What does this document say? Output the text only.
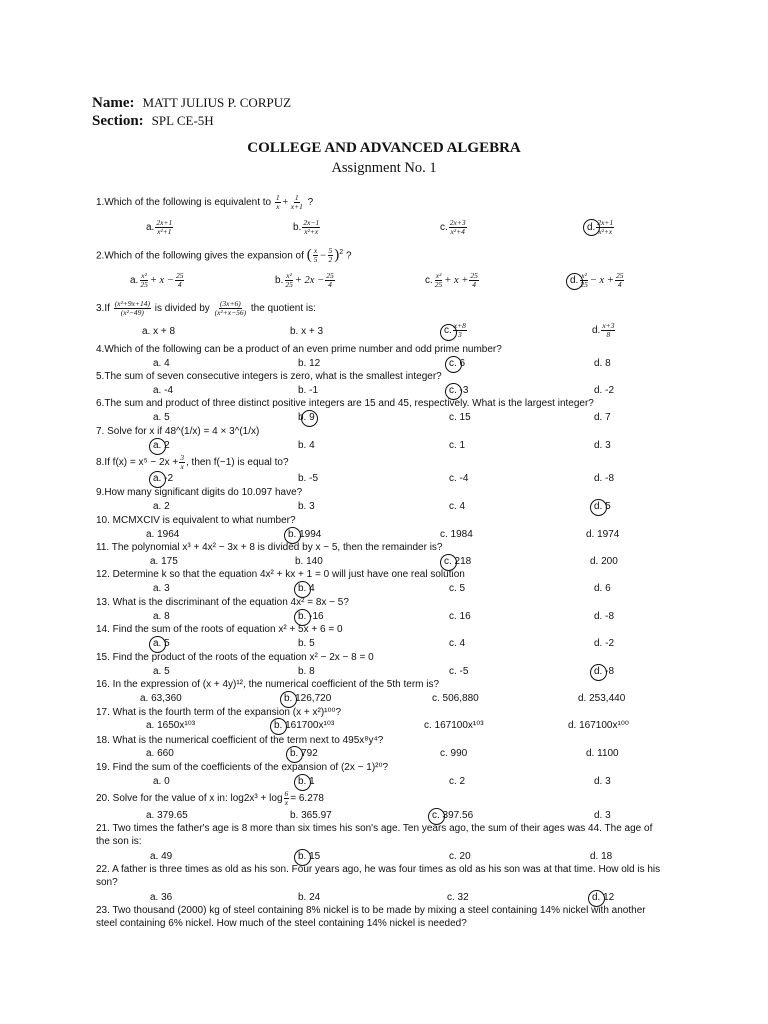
Name: MATT JULIUS P. CORPUZ
Section: SPL CE-5H
COLLEGE AND ADVANCED ALGEBRA
Assignment No. 1
1.Which of the following is equivalent to $\frac{1}{x} + \frac{1}{x+1}$ ?
a. $\frac{2x+1}{\text{x²+1}}$	b. $\frac{2x-1}{\text{x²+x}}$	c. $\frac{2x+3}{\text{x²+4}}$	d. $\frac{2x+1}{\text{x²+x}}$
2.Which of the following gives the expansion of ( $\frac{x}{5} - \frac{5}{2} )^2$ ?
a. $\frac{\text{x²}}{25} + x - \frac{25}{4}$	b. $\frac{\text{x²}}{25} + 2x - \frac{25}{4}$	c. $\frac{\text{x²}}{25} + x + \frac{25}{4}$	d. $\frac{\text{x²}}{25} - x + \frac{25}{4}$
$3.If \frac{\text{(x²+9x+14)}}{\text{(x²−49)}}$ is divided by $\frac{(3x+6)}{\text{(x²+x−56)}}$ the quotient is:
a. x + 8	b. x + 3	c. $\frac{x+8}{3}$	d. $\frac{x+3}{8}$
4.Which of the following can be a product of an even prime number and odd prime number?
a. 4	b. 12	c. 6	d. 8
5.The sum of seven consecutive integers is zero, what is the smallest integer?
a. -4	b. -1	c. -3	d. -2
6.The sum and product of three distinct positive integers are 15 and 45, respectively. What is the largest integer?
a. 5	b. 9	c. 15	d. 7
7. Solve for x if 48^(1/x) = 4 × 3^(1/x)
a. 2	b. 4	c. 1	d. 3
8.If $f(x) = x^5 - 2x + \frac{3}{x}$ , then f(−1) is equal to?
a. -2	b. -5	c. -4	d. -8
9.How many significant digits do 10.097 have?
a. 2	b. 3	c. 4	d. 5
10. MCMXCIV is equivalent to what number?
a. 1964	b. 1994	c. 1984	d. 1974
11. The polynomial x³ + 4x² − 3x + 8 is divided by x − 5, then the remainder is?
a. 175	b. 140	c. 218	d. 200
12. Determine k so that the equation 4x² + kx + 1 = 0 will just have one real solution
a. 3	b. 4	c. 5	d. 6
13. What is the discriminant of the equation 4x² = 8x − 5?
a. 8	b. -16	c. 16	d. -8
14. Find the sum of the roots of equation x² + 5x + 6 = 0
a. 5	b. 5	c. 4	d. -2
15. Find the product of the roots of the equation x² − 2x − 8 = 0
a. 5	b. 8	c. -5	d. -8
16. In the expression of (x + 4y)¹², the numerical coefficient of the 5th term is?
a. 63,360	b. 126,720	c. 506,880	d. 253,440
17. What is the fourth term of the expansion (x + x²)¹⁰⁰?
a. 1650x¹⁰³	b. 161700x¹⁰³	c. 167100x¹⁰³	d. 167100x¹⁰⁰
18. What is the numerical coefficient of the term next to 495x⁸y⁴?
a. 660	b. 792	c. 990	d. 1100
19. Find the sum of the coefficients of the expansion of (2x − 1)²⁰?
a. 0	b. 1	c. 2	d. 3
20. Solve for the value of x in: $\log 2x^3 + \log \frac{6}{x} = 6.278$
a. 379.65	b. 365.97	c. 397.56	d. 3
21. Two times the father's age is 8 more than six times his son's age. Ten years ago, the sum of their ages was 44. The age of the son is:
a. 49	b. 15	c. 20	d. 18
22. A father is three times as old as his son. Four years ago, he was four times as old as his son was at that time. How old is his son?
a. 36	b. 24	c. 32	d. 12
23. Two thousand (2000) kg of steel containing 8% nickel is to be made by mixing a steel containing 14% nickel with another steel containing 6% nickel. How much of the steel containing 14% nickel is needed?
